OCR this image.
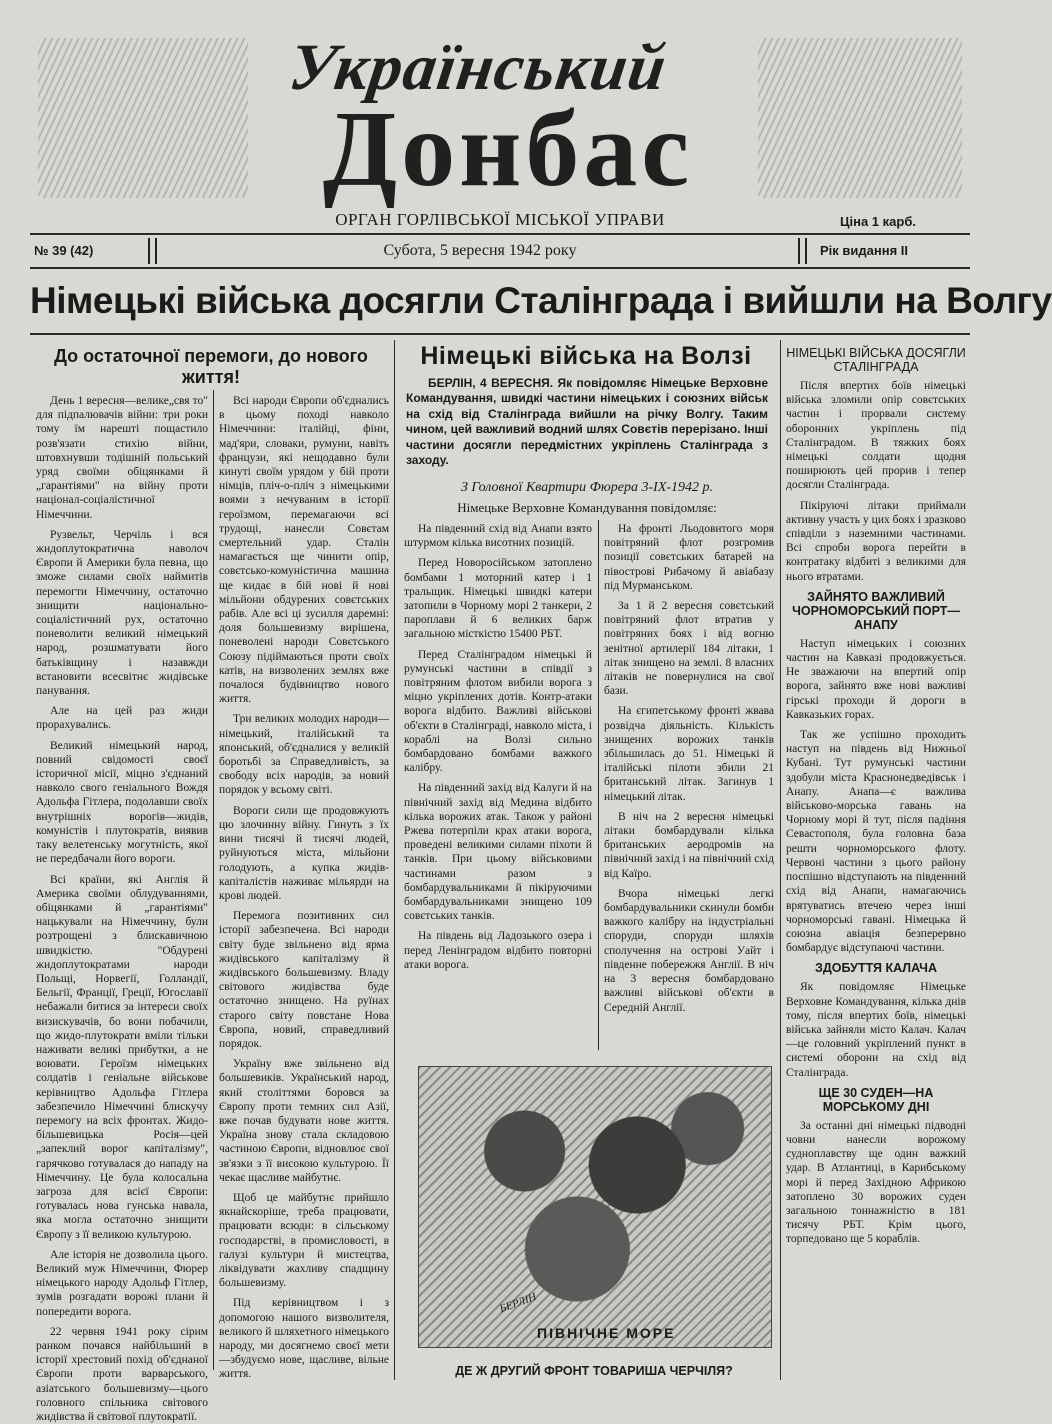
Український
Донбас
ОРГАН ГОРЛІВСЬКОЇ МІСЬКОЇ УПРАВИ	Ціна 1 карб.
№ 39 (42)	Субота, 5 вересня 1942 року	Рік видання II
Німецькі війська досягли Сталінграда і вийшли на Волгу
До остаточної перемоги, до нового життя!

День 1 вересня—велике„свя то" для підпалювачів війни: три роки тому їм нарешті пощастило розв'язати стихію війни, штовхнувши тодішній польський уряд своїми обіцянками й „гарантіями" на війну проти націонал-соціалістичної Німеччини.

Рузвельт, Черчіль і вся жидоплутократична наволоч Європи й Америки була певна, що зможе силами своїх наймитів перемогти Німеччину, остаточно знищити національно-соціалістичний рух, остаточно поневолити великий німецький народ, розшматувати його батьківщину і назавжди встановити всесвітнє жидівське панування.

Але на цей раз жиди прорахувались.

Великий німецький народ, повний свідомості своєї історичної місії, міцно з'єднаний навколо свого геніального Вождя Адольфа Гітлера, подолавши своїх внутрішніх ворогів—жидів, комуністів і плутократів, виявив таку велетенську могутність, якої не передбачали його вороги.

Всі країни, які Англія й Америка своїми облудуваннями, обіцянками й „гарантіями" нацькували на Німеччину, були розтрощені з блискавичною швидкістю. "Обдурені жидоплутократами народи Польщі, Норвегії, Голландії, Бельгії, Франції, Греції, Югославії небажали битися за інтереси своїх визискувачів, бо вони побачили, що жидо-плутократи вміли тільки наживати великі прибутки, а не воювати. Героїзм німецьких солдатів і геніальне військове керівництво Адольфа Гітлера забезпечило Німеччині блискучу перемогу на всіх фронтах. Жидо-більшевицька Росія—цей „запеклий ворог капіталізму", гарячково готувалася до нападу на Німеччину. Це була колосальна загроза для всієї Європи: готувалась нова гунська навала, яка могла остаточно знищити Європу з її великою культурою.

Але історія не дозволила цього. Великий муж Німеччини, Фюрер німецького народу Адольф Гітлер, зумів розгадати ворожі плани й попередити ворога.

22 червня 1941 року сірим ранком почався найбільший в історії хрестовий похід об'єднаної Європи проти варварського, азіатського большевизму—цього головного спільника світового жидівства й світової плутократії.

Всі народи Європи об'єднались в цьому поході навколо Німеччини: італійці, фіни, мад'яри, словаки, румуни, навіть французи, які нещодавно були кинуті своїм урядом у бій проти німців, пліч-о-пліч з німецькими воями з нечуваним в історії героїзмом, перемагаючи всі трудощі, нанесли Совєтам смертельний удар. Сталін намагається ще чинити опір, совєтсько-комуністична машина ще кидає в бій нові й нові мільйони обдурених совєтських рабів. Але всі ці зусилля даремні: доля большевизму вирішена, поневолені народи Совєтського Союзу підіймаються проти своїх катів, на визволених землях вже почалося будівництво нового життя.

Три великих молодих народи—німецький, італійський та японський, об'єдналися у великій боротьбі за Справедливість, за свободу всіх народів, за новий порядок у всьому світі.

Вороги сили ще продовжують цю злочинну війну. Гинуть з їх вини тисячі й тисячі людей, руйнуються міста, мільйони голодують, а купка жидів-капіталістів наживає мільярди на крові людей.

Перемога позитивних сил історії забезпечена. Всі народи світу буде звільнено від ярма жидівського капіталізму й жидівського большевизму. Владу світового жидівства буде остаточно знищено. На руїнах старого світу повстане Нова Європа, новий, справедливий порядок.

Україну вже звільнено від большевиків. Український народ, який століттями боровся за Європу проти темних сил Азії, вже почав будувати нове життя. Україна знову стала складовою частиною Європи, відновлює свої зв'язки з її високою культурою. Її чекає щасливе майбутнє.

Щоб це майбутнє прийшло якнайскоріше, треба працювати, працювати всюди: в сільському господарстві, в промисловості, в галузі культури й мистецтва, ліквідувати жахливу спадщину большевизму.

Під керівництвом і з допомогою нашого визволителя, великого й шляхетного німецького народу, ми досягнемо своєї мети—збудуємо нове, щасливе, вільне життя.

Німецькі війська на Волзі
БЕРЛІН, 4 ВЕРЕСНЯ. Як повідомляє Німецьке Верховне Командування, швидкі частини німецьких і союзних військ на схід від Сталінграда вийшли на річку Волгу. Таким чином, цей важливий водний шлях Совєтів перерізано. Інші частини досягли передмістних укріплень Сталінграда з заходу.
З Головної Квартири Фюрера 3-IX-1942 р.
Німецьке Верховне Командування повідомляє:

На південний схід від Анапи взято штурмом кілька висотних позицій.

Перед Новоросійськом затоплено бомбами 1 моторний катер і 1 тральщик. Німецькі швидкі катери затопили в Чорному морі 2 танкери, 2 пароплави й 6 великих барж загальною місткістю 15400 РБТ.

Перед Сталінградом німецькі й румунські частини в співдії з повітряним флотом вибили ворога з міцно укріплених дотів. Контр-атаки ворога відбито. Важливі військові об'єкти в Сталінграді, навколо міста, і кораблі на Волзі сильно бомбардовано бомбами важкого калібру.

На південний захід від Калуги й на північний захід від Медина відбито кілька ворожих атак. Також у районі Ржева потерпіли крах атаки ворога, проведені великими силами піхоти й танків. При цьому військовими частинами разом з бомбардувальниками й пікіруючими бомбардувальниками знищено 109 совєтських танків.

На південь від Ладозького озера і перед Ленінградом відбито повторні атаки ворога.

На фронті Льодовитого моря повітряний флот розгромив позиції совєтських батарей на півострові Рибачому й авіабазу під Мурманськом.

За 1 й 2 вересня совєтський повітряний флот втратив у повітряних боях і від вогню зенітної артилерії 184 літаки, 1 літак знищено на землі. 8 власних літаків не повернулися на свої бази.

На єгипетському фронті жвава розвідча діяльність. Кількість знищених ворожих танків збільшилась до 51. Німецькі й італійські пілоти збили 21 британський літак. Загинув 1 німецький літак.

В ніч на 2 вересня німецькі літаки бомбардували кілька британських аеродромів на північний захід і на північний схід від Каїро.

Вчора німецькі легкі бомбардувальники скинули бомби важкого калібру на індустріальні споруди, споруди шляхів сполучення на острові Уайт і південне побережжя Англії. В ніч на 3 вересня бомбардовано важливі військові об'єкти в Середній Англії.

БЕРЛІН
ПІВНІЧНЕ МОРЕ
ДЕ Ж ДРУГИЙ ФРОНТ ТОВАРИША ЧЕРЧІЛЯ?
НІМЕЦЬКІ ВІЙСЬКА ДОСЯГЛИ СТАЛІНГРАДА

Після впертих боїв німецькі війська зломили опір совєтських частин і прорвали систему оборонних укріплень під Сталінградом. В тяжких боях німецькі солдати щодня поширюють цей прорив і тепер досягли Сталінграда.

Пікіруючі літаки приймали активну участь у цих боях і зразково співділи з наземними частинами. Всі спроби ворога перейти в контратаку відбиті з великими для нього втратами.

ЗАЙНЯТО ВАЖЛИВИЙ ЧОРНОМОРСЬКИЙ ПОРТ—АНАПУ

Наступ німецьких і союзних частин на Кавказі продовжується. Не зважаючи на впертий опір ворога, зайнято вже нові важливі гірські проходи й дороги в Кавказьких горах.

Так же успішно проходить наступ на південь від Нижньої Кубані. Тут румунські частини здобули міста Краснонедведівськ і Анапу. Анапа—є важлива військово-морська гавань на Чорному морі й тут, після падіння Севастополя, була головна база решти чорноморського флоту. Червоні частини з цього району поспішно відступають на південний схід від Анапи, намагаючись врятуватись втечею через інші чорноморські гавані. Німецька й союзна авіація безперервно бомбардує відступаючі частини.

ЗДОБУТТЯ КАЛАЧА

Як повідомляє Німецьке Верховне Командування, кілька днів тому, після впертих боїв, німецькі війська зайняли місто Калач. Калач—це головний укріплений пункт в системі оборони на схід від Сталінграда.

ЩЕ 30 СУДЕН—НА МОРСЬКОМУ ДНІ

За останні дні німецькі підводні човни нанесли ворожому судноплавству ще один важкий удар. В Атлантиці, в Карибському морі й перед Західною Африкою затоплено 30 ворожих суден загальною тоннажністю в 181 тисячу РБТ. Крім цього, торпедовано ще 5 кораблів.
